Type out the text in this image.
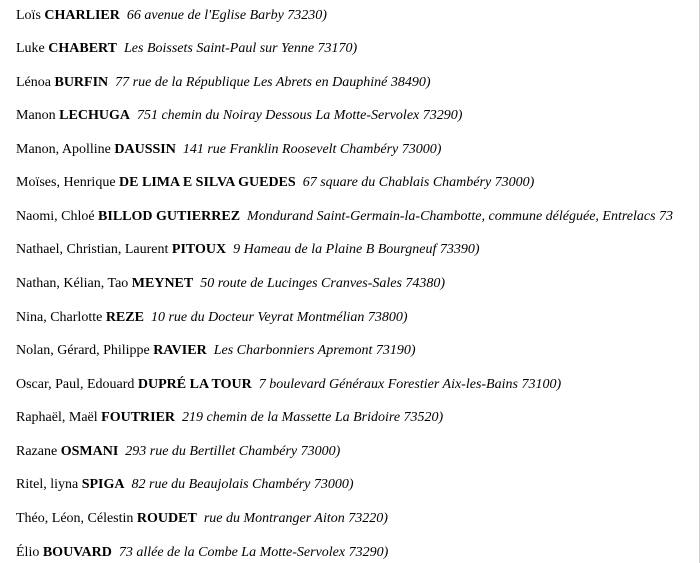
Loïs CHARLIER 66 avenue de l'Eglise Barby 73230)
Luke CHABERT Les Boissets Saint-Paul sur Yenne 73170)
Lénoa BURFIN 77 rue de la République Les Abrets en Dauphiné 38490)
Manon LECHUGA 751 chemin du Noiray Dessous La Motte-Servolex 73290)
Manon, Apolline DAUSSIN 141 rue Franklin Roosevelt Chambéry 73000)
Moïses, Henrique DE LIMA E SILVA GUEDES 67 square du Chablais Chambéry 73000)
Naomi, Chloé BILLOD GUTIERREZ Mondurand Saint-Germain-la-Chambotte, commune déléguée, Entrelacs 73
Nathael, Christian, Laurent PITOUX 9 Hameau de la Plaine B Bourgneuf 73390)
Nathan, Kélian, Tao MEYNET 50 route de Lucinges Cranves-Sales 74380)
Nina, Charlotte REZE 10 rue du Docteur Veyrat Montmélian 73800)
Nolan, Gérard, Philippe RAVIER Les Charbonniers Apremont 73190)
Oscar, Paul, Edouard DUPRÉ LA TOUR 7 boulevard Généraux Forestier Aix-les-Bains 73100)
Raphaël, Maël FOUTRIER 219 chemin de la Massette La Bridoire 73520)
Razane OSMANI 293 rue du Bertillet Chambéry 73000)
Ritel, liyna SPIGA 82 rue du Beaujolais Chambéry 73000)
Théo, Léon, Célestin ROUDET rue du Montranger Aiton 73220)
Élio BOUVARD 73 allée de la Combe La Motte-Servolex 73290)
